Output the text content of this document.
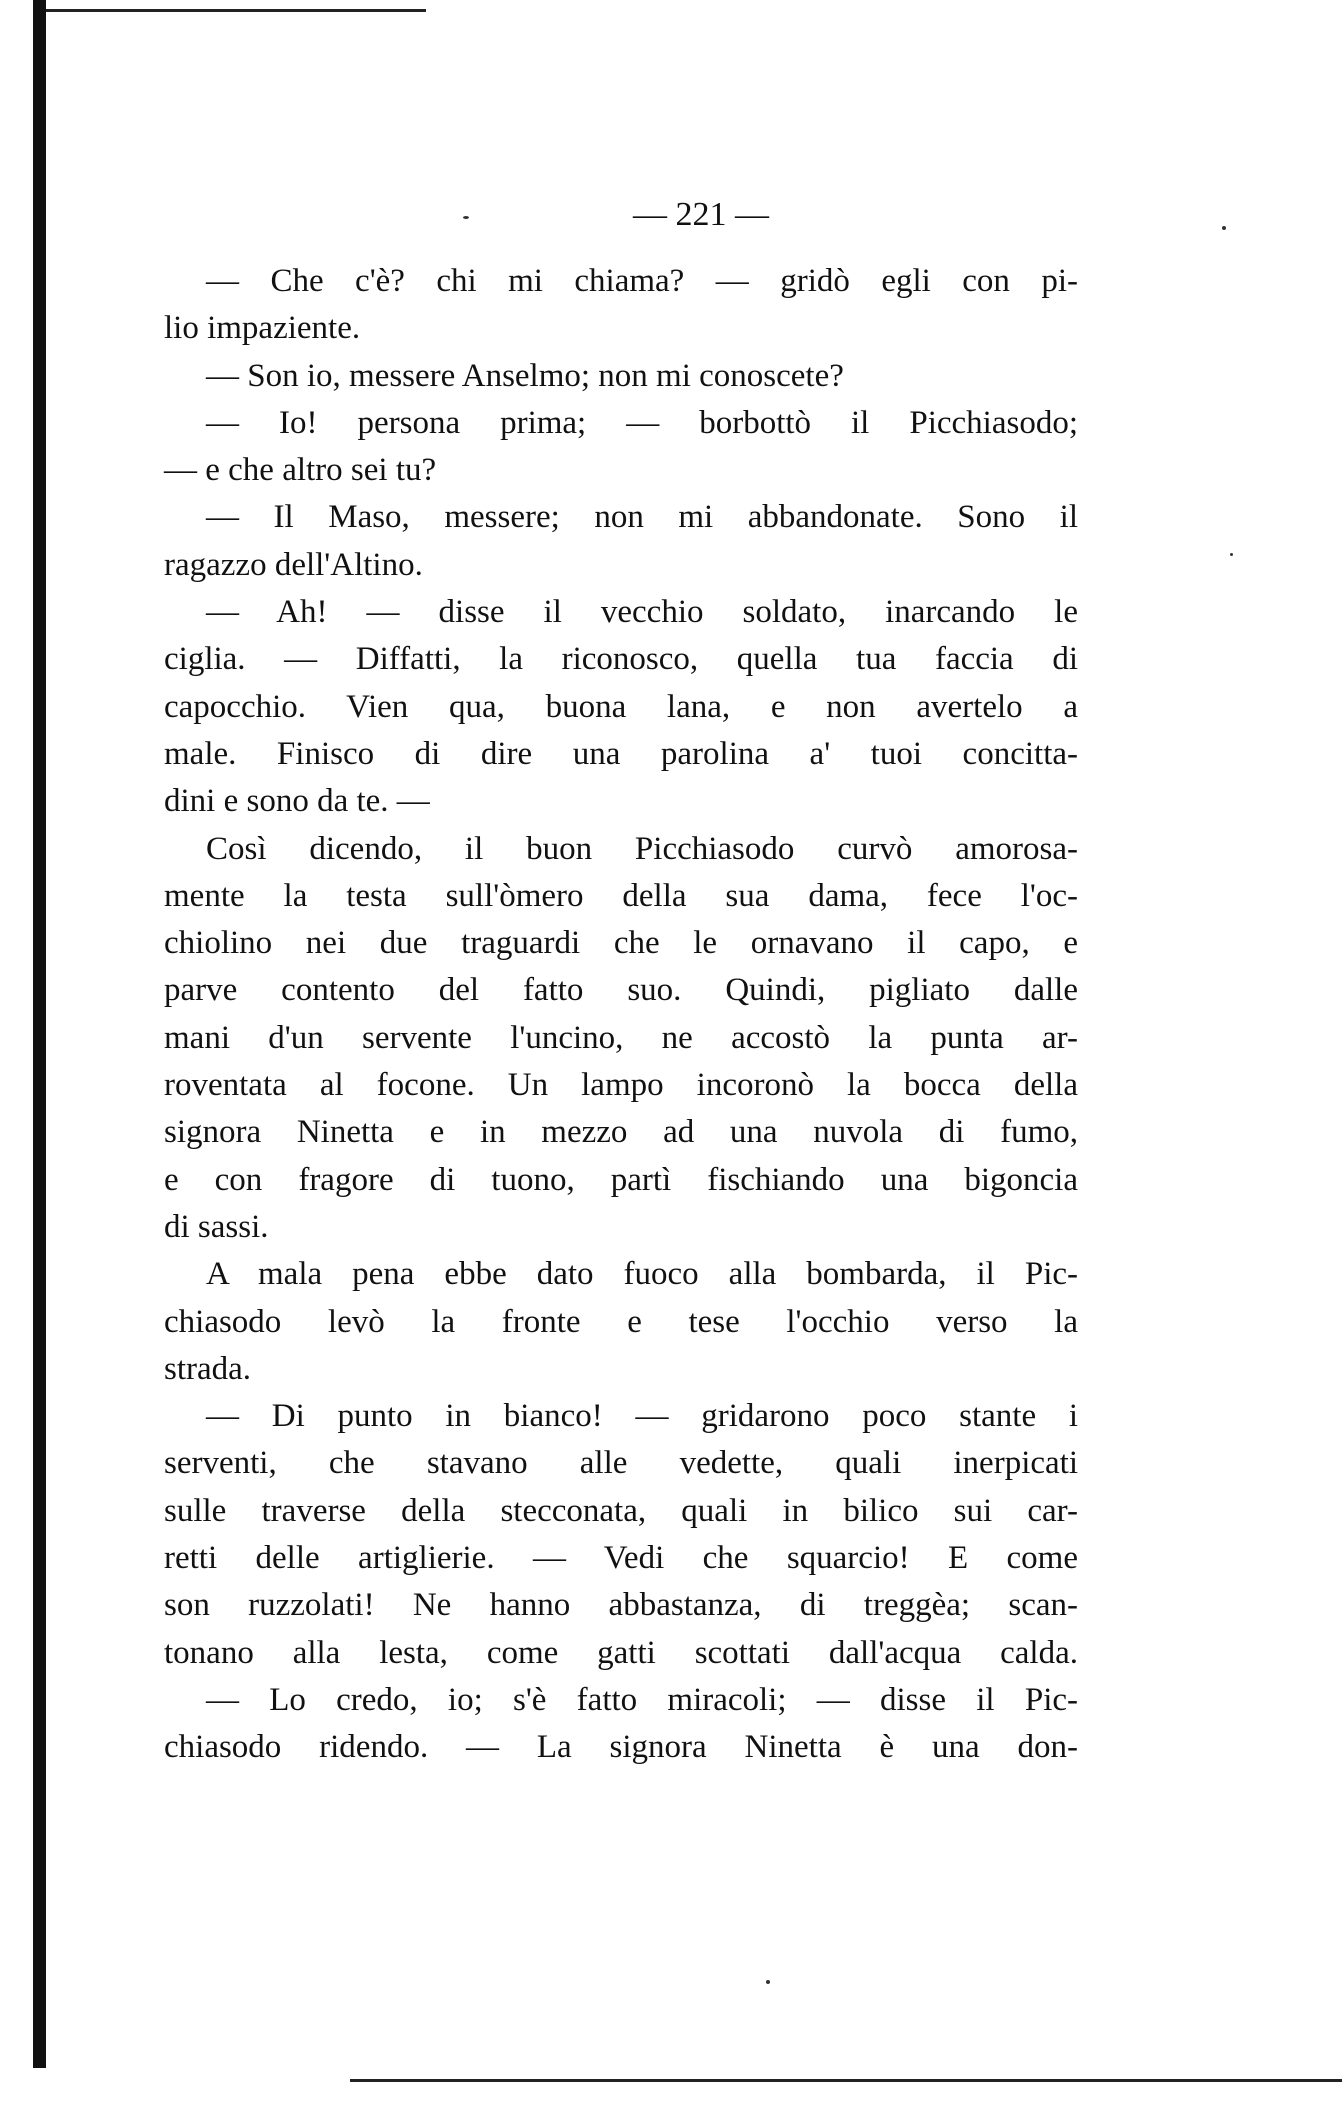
— 221 —
— Che c'è? chi mi chiama? — gridò egli con pi-
lio impaziente.
— Son io, messere Anselmo; non mi conoscete?
— Io! persona prima; — borbottò il Picchiasodo;
— e che altro sei tu?
— Il Maso, messere; non mi abbandonate. Sono il
ragazzo dell'Altino.
— Ah! — disse il vecchio soldato, inarcando le
ciglia. — Diffatti, la riconosco, quella tua faccia di
capocchio. Vien qua, buona lana, e non avertelo a
male. Finisco di dire una parolina a' tuoi concitta-
dini e sono da te. —
Così dicendo, il buon Picchiasodo curvò amorosa-
mente la testa sull'òmero della sua dama, fece l'oc-
chiolino nei due traguardi che le ornavano il capo, e
parve contento del fatto suo. Quindi, pigliato dalle
mani d'un servente l'uncino, ne accostò la punta ar-
roventata al focone. Un lampo incoronò la bocca della
signora Ninetta e in mezzo ad una nuvola di fumo,
e con fragore di tuono, partì fischiando una bigoncia
di sassi.
A mala pena ebbe dato fuoco alla bombarda, il Pic-
chiasodo levò la fronte e tese l'occhio verso la
strada.
— Di punto in bianco! — gridarono poco stante i
serventi, che stavano alle vedette, quali inerpicati
sulle traverse della stecconata, quali in bilico sui car-
retti delle artiglierie. — Vedi che squarcio! E come
son ruzzolati! Ne hanno abbastanza, di treggèa; scan-
tonano alla lesta, come gatti scottati dall'acqua calda.
— Lo credo, io; s'è fatto miracoli; — disse il Pic-
chiasodo ridendo. — La signora Ninetta è una don-
